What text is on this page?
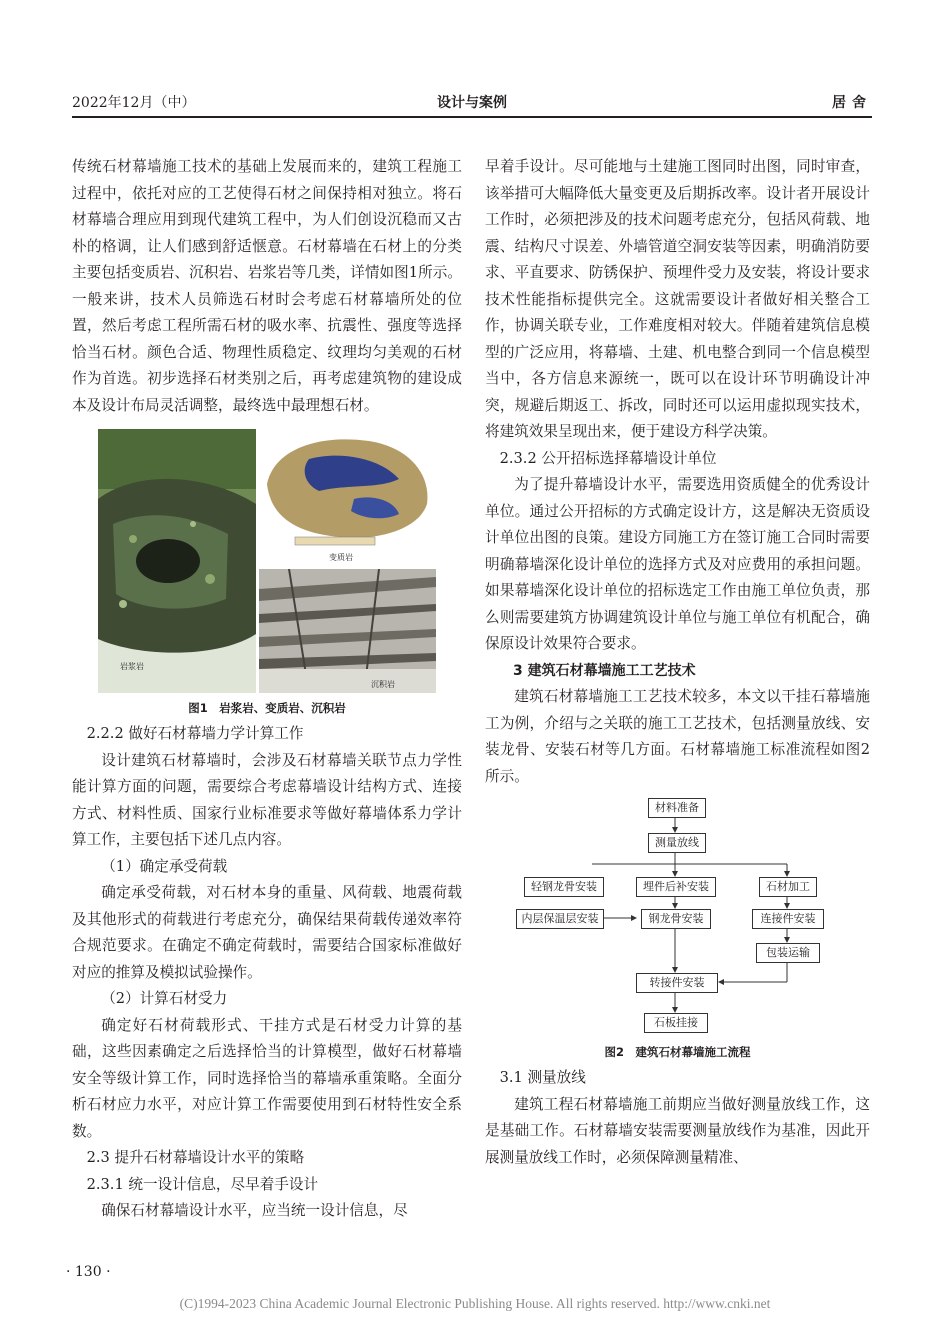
2022年12月（中）	设计与案例	居舍

传统石材幕墙施工技术的基础上发展而来的，建筑工程施工过程中，依托对应的工艺使得石材之间保持相对独立。将石材幕墙合理应用到现代建筑工程中，为人们创设沉稳而又古朴的格调，让人们感到舒适惬意。石材幕墙在石材上的分类主要包括变质岩、沉积岩、岩浆岩等几类，详情如图1所示。一般来讲，技术人员筛选石材时会考虑石材幕墙所处的位置，然后考虑工程所需石材的吸水率、抗震性、强度等选择恰当石材。颜色合适、物理性质稳定、纹理均匀美观的石材作为首选。初步选择石材类别之后，再考虑建筑物的建设成本及设计布局灵活调整，最终选中最理想石材。

岩浆岩
变质岩
沉积岩
图1　岩浆岩、变质岩、沉积岩

2.2.2 做好石材幕墙力学计算工作

设计建筑石材幕墙时，会涉及石材幕墙关联节点力学性能计算方面的问题，需要综合考虑幕墙设计结构方式、连接方式、材料性质、国家行业标准要求等做好幕墙体系力学计算工作，主要包括下述几点内容。

（1）确定承受荷载

确定承受荷载，对石材本身的重量、风荷载、地震荷载及其他形式的荷载进行考虑充分，确保结果荷载传递效率符合规范要求。在确定不确定荷载时，需要结合国家标准做好对应的推算及模拟试验操作。

（2）计算石材受力

确定好石材荷载形式、干挂方式是石材受力计算的基础，这些因素确定之后选择恰当的计算模型，做好石材幕墙安全等级计算工作，同时选择恰当的幕墙承重策略。全面分析石材应力水平，对应计算工作需要使用到石材特性安全系数。

2.3 提升石材幕墙设计水平的策略

2.3.1 统一设计信息，尽早着手设计

确保石材幕墙设计水平，应当统一设计信息，尽

早着手设计。尽可能地与土建施工图同时出图，同时审查，该举措可大幅降低大量变更及后期拆改率。设计者开展设计工作时，必须把涉及的技术问题考虑充分，包括风荷载、地震、结构尺寸误差、外墙管道空洞安装等因素，明确消防要求、平直要求、防锈保护、预埋件受力及安装，将设计要求技术性能指标提供完全。这就需要设计者做好相关整合工作，协调关联专业，工作难度相对较大。伴随着建筑信息模型的广泛应用，将幕墙、土建、机电整合到同一个信息模型当中，各方信息来源统一，既可以在设计环节明确设计冲突，规避后期返工、拆改，同时还可以运用虚拟现实技术，将建筑效果呈现出来，便于建设方科学决策。

2.3.2 公开招标选择幕墙设计单位

为了提升幕墙设计水平，需要选用资质健全的优秀设计单位。通过公开招标的方式确定设计方，这是解决无资质设计单位出图的良策。建设方同施工方在签订施工合同时需要明确幕墙深化设计单位的选择方式及对应费用的承担问题。如果幕墙深化设计单位的招标选定工作由施工单位负责，那么则需要建筑方协调建筑设计单位与施工单位有机配合，确保原设计效果符合要求。

3 建筑石材幕墙施工工艺技术

建筑石材幕墙施工工艺技术较多，本文以干挂石幕墙施工为例，介绍与之关联的施工工艺技术，包括测量放线、安装龙骨、安装石材等几方面。石材幕墙施工标准流程如图2所示。

材料准备
测量放线
轻钢龙骨安装	埋件后补安装	石材加工
内层保温层安装	钢龙骨安装	连接件安装
包装运输
转接件安装
石板挂接
图2　建筑石材幕墙施工流程

3.1 测量放线

建筑工程石材幕墙施工前期应当做好测量放线工作，这是基础工作。石材幕墙安装需要测量放线作为基准，因此开展测量放线工作时，必须保障测量精准、

· 130 ·
(C)1994-2023 China Academic Journal Electronic Publishing House. All rights reserved. http://www.cnki.net
